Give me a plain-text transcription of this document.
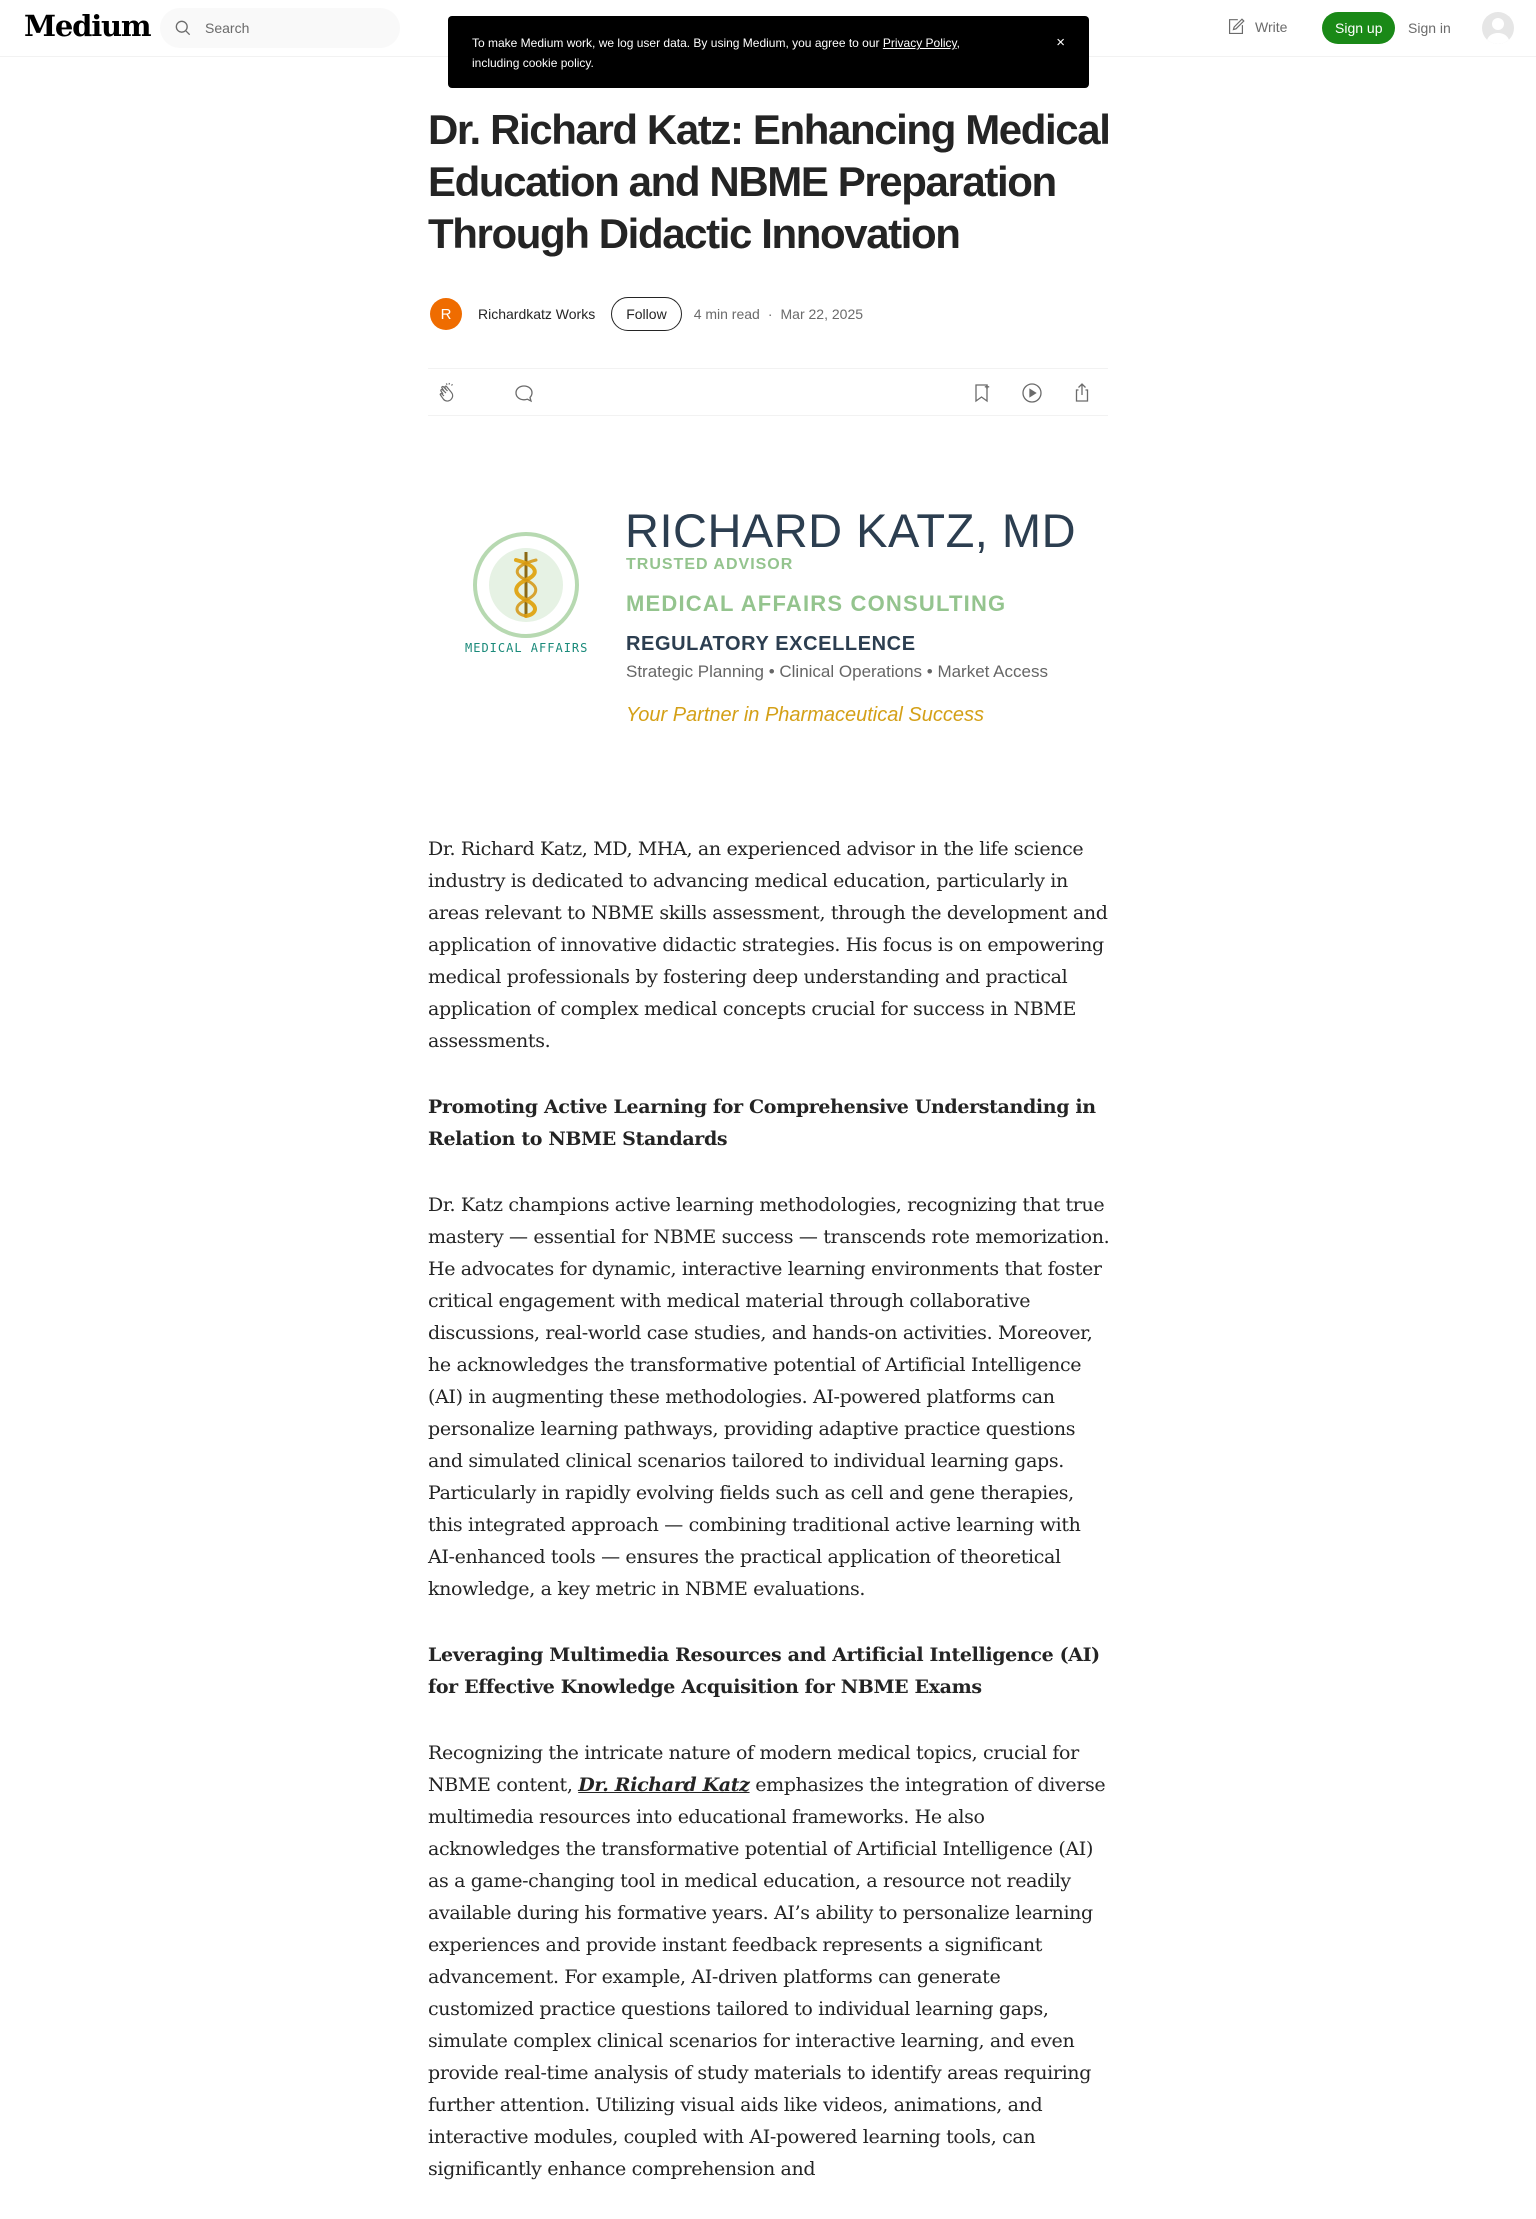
Medium
Search	Write	Sign up	Sign in
To make Medium work, we log user data. By using Medium, you agree to our Privacy Policy, including cookie policy.
×
Dr. Richard Katz: Enhancing Medical Education and NBME Preparation Through Didactic Innovation
R	Richardkatz Works	Follow	4 min read · Mar 22, 2025
MEDICAL AFFAIRS
RICHARD KATZ, MD
TRUSTED ADVISOR
MEDICAL AFFAIRS CONSULTING
REGULATORY EXCELLENCE
Strategic Planning • Clinical Operations • Market Access
Your Partner in Pharmaceutical Success

Dr. Richard Katz, MD, MHA, an experienced advisor in the life science industry is dedicated to advancing medical education, particularly in areas relevant to NBME skills assessment, through the development and application of innovative didactic strategies. His focus is on empowering medical professionals by fostering deep understanding and practical application of complex medical concepts crucial for success in NBME assessments.

Promoting Active Learning for Comprehensive Understanding in Relation to NBME Standards

Dr. Katz champions active learning methodologies, recognizing that true mastery — essential for NBME success — transcends rote memorization. He advocates for dynamic, interactive learning environments that foster critical engagement with medical material through collaborative discussions, real-world case studies, and hands-on activities. Moreover, he acknowledges the transformative potential of Artificial Intelligence (AI) in augmenting these methodologies. AI-powered platforms can personalize learning pathways, providing adaptive practice questions and simulated clinical scenarios tailored to individual learning gaps. Particularly in rapidly evolving fields such as cell and gene therapies, this integrated approach — combining traditional active learning with AI-enhanced tools — ensures the practical application of theoretical knowledge, a key metric in NBME evaluations.

Leveraging Multimedia Resources and Artificial Intelligence (AI) for Effective Knowledge Acquisition for NBME Exams

Recognizing the intricate nature of modern medical topics, crucial for NBME content, Dr. Richard Katz emphasizes the integration of diverse multimedia resources into educational frameworks. He also acknowledges the transformative potential of Artificial Intelligence (AI) as a game-changing tool in medical education, a resource not readily available during his formative years. AI’s ability to personalize learning experiences and provide instant feedback represents a significant advancement. For example, AI-driven platforms can generate customized practice questions tailored to individual learning gaps, simulate complex clinical scenarios for interactive learning, and even provide real-time analysis of study materials to identify areas requiring further attention. Utilizing visual aids like videos, animations, and interactive modules, coupled with AI-powered learning tools, can significantly enhance comprehension and
